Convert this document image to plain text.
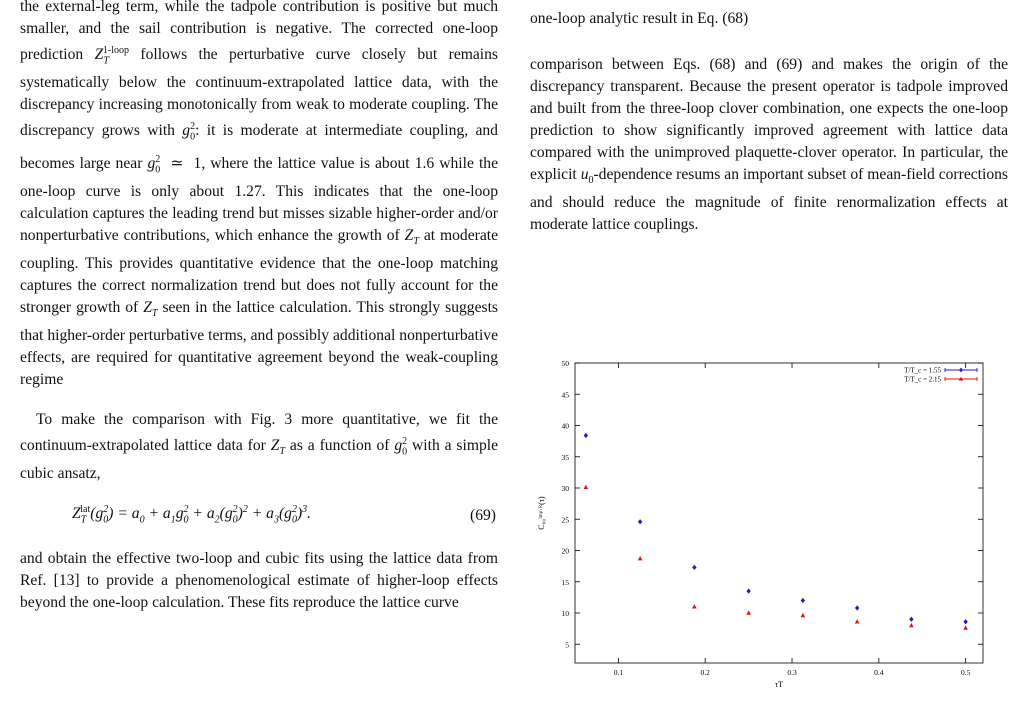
the external-leg term, while the tadpole contribution is positive but much smaller, and the sail contribution is negative. The corrected one-loop prediction $Z_T^{1-loop}$ follows the perturbative curve closely but remains systematically below the continuum-extrapolated lattice data, with the discrepancy increasing monotonically from weak to moderate coupling. The discrepancy grows with $g_0^2$: it is moderate at intermediate coupling, and becomes large near $g_0^2$  ≃  1, where the lattice value is about 1.6 while the one-loop curve is only about 1.27. This indicates that the one-loop calculation captures the leading trend but misses sizable higher-order and/or nonperturbative contributions, which enhance the growth of $Z_T$ at moderate coupling. This provides quantitative evidence that the one-loop matching captures the correct normalization trend but does not fully account for the stronger growth of $Z_T$ seen in the lattice calculation. This strongly suggests that higher-order perturbative terms, and possibly additional nonperturbative effects, are required for quantitative agreement beyond the weak-coupling regime

To make the comparison with Fig. 3 more quantitative, we fit the continuum-extrapolated lattice data for $Z_T$ as a function of $g_0^2$ with a simple cubic ansatz,

$Z_T^{lat}(g_0^2) = a_0 + a_1g_0^2 + a_2(g_0^2)^2 + a_3(g_0^2)^3$.	(69)

and obtain the effective two-loop and cubic fits using the lattice data from Ref. [13] to provide a phenomenological estimate of higher-loop effects beyond the one-loop calculation. These fits reproduce the lattice curve

one-loop analytic result in Eq. (68)

comparison between Eqs. (68) and (69) and makes the origin of the discrepancy transparent. Because the present operator is tadpole improved and built from the three-loop clover combination, one expects the one-loop prediction to show significantly improved agreement with lattice data compared with the unimproved plaquette-clover operator. In particular, the explicit $u_0$-dependence resums an important subset of mean-field corrections and should reduce the magnitude of finite renormalization effects at moderate lattice couplings.

0.1	0.2	0.3	0.4	0.5
5
10
15
20
25
30
35
40
45
50
τT
C₀₀ᴵᵐᵖ·ᴿ(τ)
T/T_c = 1.55
T/T_c = 2.15
